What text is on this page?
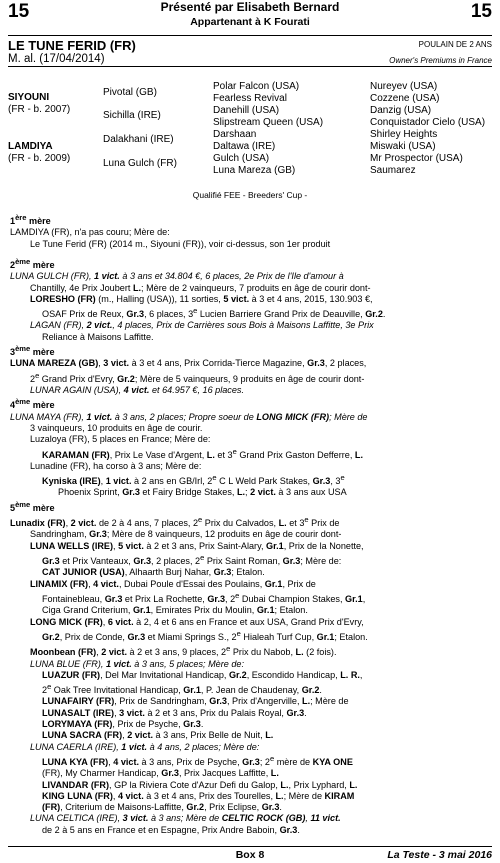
15	15
Présenté par Elisabeth Bernard
Appartenant à K Fourati
LE TUNE FERID (FR)
M. al. (17/04/2014)
POULAIN DE 2 ANS
Owner's Premiums in France
SIYOUNI
(FR - b. 2007)
LAMDIYA
(FR - b. 2009)
Pivotal (GB)
Sichilla (IRE)
Dalakhani (IRE)
Luna Gulch (FR)
Polar Falcon (USA)
Fearless Revival
Danehill (USA)
Slipstream Queen (USA)
Darshaan
Daltawa (IRE)
Gulch (USA)
Luna Mareza (GB)
Nureyev (USA)
Cozzene (USA)
Danzig (USA)
Conquistador Cielo (USA)
Shirley Heights
Miswaki (USA)
Mr Prospector (USA)
Saumarez
Qualifié FEE - Breeders' Cup -

1ère mère

LAMDIYA (FR), n'a pas couru; Mère de:

Le Tune Ferid (FR) (2014 m., Siyouni (FR)), voir ci-dessus, son 1er produit

2ème mère

LUNA GULCH (FR), 1 vict. à 3 ans et 34.804 €, 6 places, 2e Prix de l'Ile d'amour à

Chantilly, 4e Prix Joubert L.; Mère de 2 vainqueurs, 7 produits en âge de courir dont-

LORESHO (FR) (m., Halling (USA)), 11 sorties, 5 vict. à 3 et 4 ans, 2015, 130.903 €,

OSAF Prix de Reux, Gr.3, 6 places, 3e Lucien Barriere Grand Prix de Deauville, Gr.2.

LAGAN (FR), 2 vict., 4 places, Prix de Carrières sous Bois à Maisons Laffitte, 3e Prix

Reliance à Maisons Laffitte.

3ème mère

LUNA MAREZA (GB), 3 vict. à 3 et 4 ans, Prix Corrida-Tierce Magazine, Gr.3, 2 places,

2e Grand Prix d'Evry, Gr.2; Mère de 5 vainqueurs, 9 produits en âge de courir dont-

LUNAR AGAIN (USA), 4 vict. et 64.957 €, 16 places.

4ème mère

LUNA MAYA (FR), 1 vict. à 3 ans, 2 places; Propre soeur de LONG MICK (FR); Mère de

3 vainqueurs, 10 produits en âge de courir.

Luzaloya (FR), 5 places en France; Mère de:

KARAMAN (FR), Prix Le Vase d'Argent, L. et 3e Grand Prix Gaston Defferre, L.

Lunadine (FR), ha corso à 3 ans; Mère de:

Kyniska (IRE), 1 vict. à 2 ans en GB/Irl, 2e C L Weld Park Stakes, Gr.3, 3e

Phoenix Sprint, Gr.3 et Fairy Bridge Stakes, L.; 2 vict. à 3 ans aux USA

5ème mère

Lunadix (FR), 2 vict. de 2 à 4 ans, 7 places, 2e Prix du Calvados, L. et 3e Prix de

Sandringham, Gr.3; Mère de 8 vainqueurs, 12 produits en âge de courir dont-

LUNA WELLS (IRE), 5 vict. à 2 et 3 ans, Prix Saint-Alary, Gr.1, Prix de la Nonette,

Gr.3 et Prix Vanteaux, Gr.3, 2 places, 2e Prix Saint Roman, Gr.3; Mère de:

CAT JUNIOR (USA), Alhaarth Burj Nahar, Gr.3; Etalon.

LINAMIX (FR), 4 vict., Dubai Poule d'Essai des Poulains, Gr.1, Prix de

Fontainebleau, Gr.3 et Prix La Rochette, Gr.3, 2e Dubai Champion Stakes, Gr.1,

Ciga Grand Criterium, Gr.1, Emirates Prix du Moulin, Gr.1; Etalon.

LONG MICK (FR), 6 vict. à 2, 4 et 6 ans en France et aux USA, Grand Prix d'Evry,

Gr.2, Prix de Conde, Gr.3 et Miami Springs S., 2e Hialeah Turf Cup, Gr.1; Etalon.

Moonbean (FR), 2 vict. à 2 et 3 ans, 9 places, 2e Prix du Nabob, L. (2 fois).

LUNA BLUE (FR), 1 vict. à 3 ans, 5 places; Mère de:

LUAZUR (FR), Del Mar Invitational Handicap, Gr.2, Escondido Handicap, L. R.,

2e Oak Tree Invitational Handicap, Gr.1, P. Jean de Chaudenay, Gr.2.

LUNAFAIRY (FR), Prix de Sandringham, Gr.3, Prix d'Angerville, L.; Mère de

LUNASALT (IRE), 3 vict. à 2 et 3 ans, Prix du Palais Royal, Gr.3.

LORYMAYA (FR), Prix de Psyche, Gr.3.

LUNA SACRA (FR), 2 vict. à 3 ans, Prix Belle de Nuit, L.

LUNA CAERLA (IRE), 1 vict. à 4 ans, 2 places; Mère de:

LUNA KYA (FR), 4 vict. à 3 ans, Prix de Psyche, Gr.3; 2e mère de KYA ONE

(FR), My Charmer Handicap, Gr.3, Prix Jacques Laffitte, L.

LIVANDAR (FR), GP la Riviera Cote d'Azur Defi du Galop, L., Prix Lyphard, L.

KING LUNA (FR), 4 vict. à 3 et 4 ans, Prix des Tourelles, L.; Mère de KIRAM

(FR), Criterium de Maisons-Laffitte, Gr.2, Prix Eclipse, Gr.3.

LUNA CELTICA (IRE), 3 vict. à 3 ans; Mère de CELTIC ROCK (GB), 11 vict.

de 2 à 5 ans en France et en Espagne, Prix Andre Baboin, Gr.3.

Box 8	La Teste - 3 mai 2016
